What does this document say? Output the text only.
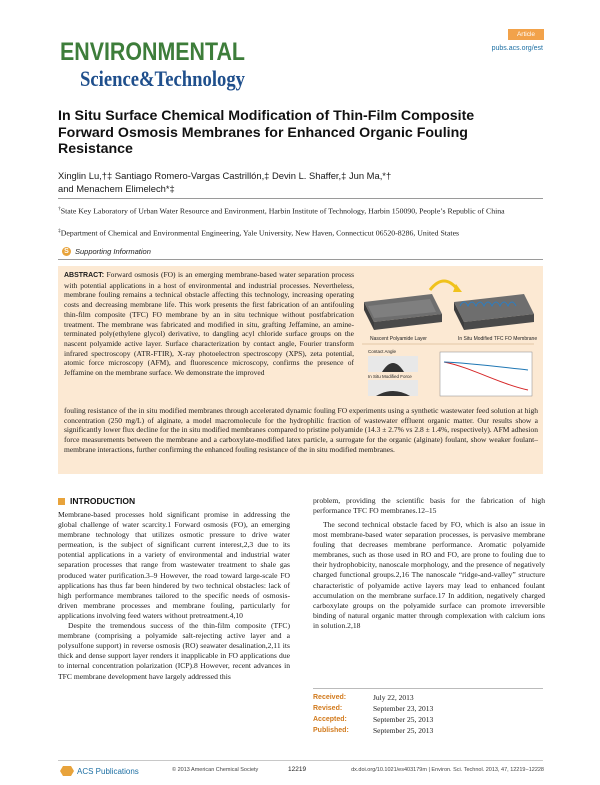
ENVIRONMENTAL
Science&Technology
Article
pubs.acs.org/est
In Situ Surface Chemical Modification of Thin-Film Composite Forward Osmosis Membranes for Enhanced Organic Fouling Resistance
Xinglin Lu,†‡ Santiago Romero-Vargas Castrillón,‡ Devin L. Shaffer,‡ Jun Ma,*†
and Menachem Elimelech*‡
†State Key Laboratory of Urban Water Resource and Environment, Harbin Institute of Technology, Harbin 150090, People’s Republic of China
‡Department of Chemical and Environmental Engineering, Yale University, New Haven, Connecticut 06520-8286, United States
S Supporting Information

ABSTRACT: Forward osmosis (FO) is an emerging membrane-based water separation process with potential applications in a host of environmental and industrial processes. Nevertheless, membrane fouling remains a technical obstacle affecting this technology, increasing operating costs and decreasing membrane life. This work presents the first fabrication of an antifouling thin-film composite (TFC) FO membrane by an in situ technique without postfabrication treatment. The membrane was fabricated and modified in situ, grafting Jeffamine, an amine-terminated poly(ethylene glycol) derivative, to dangling acyl chloride surface groups on the nascent polyamide active layer. Surface characterization by contact angle, Fourier transform infrared spectroscopy (ATR-FTIR), X-ray photoelectron spectroscopy (XPS), zeta potential, atomic force microscopy (AFM), and fluorescence microscopy, confirms the presence of Jeffamine on the membrane surface. We demonstrate the improved

fouling resistance of the in situ modified membranes through accelerated dynamic fouling FO experiments using a synthetic wastewater feed solution at high concentration (250 mg/L) of alginate, a model macromolecule for the hydrophilic fraction of wastewater effluent organic matter. Our results show a significantly lower flux decline for the in situ modified membranes compared to pristine polyamide (14.3 ± 2.7% vs 2.8 ± 1.4%, respectively). AFM adhesion force measurements between the membrane and a carboxylate-modified latex particle, a surrogate for the organic (alginate) foulant, show weaker foulant–membrane interactions, further confirming the enhanced fouling resistance of the in situ modified membranes.

Nascent Polyamide Layer	In Situ Modified TFC FO Membrane
Contact Angle
In Situ Modified Force
INTRODUCTION

Membrane-based processes hold significant promise in addressing the global challenge of water scarcity.1 Forward osmosis (FO), an emerging membrane technology that utilizes osmotic pressure to drive water permeation, is the subject of significant current interest,2,3 due to its potential applications in a variety of environmental and industrial water separation processes that range from wastewater treatment to shale gas produced water purification.3–9 However, the road toward large-scale FO applications has thus far been hindered by two technical obstacles: lack of high performance membranes tailored to the specific needs of osmosis-driven membrane processes and membrane fouling, particularly for applications involving feed waters without pretreatment.4,10

Despite the tremendous success of the thin-film composite (TFC) membrane (comprising a polyamide salt-rejecting active layer and a polysulfone support) in reverse osmosis (RO) seawater desalination,2,11 its thick and dense support layer renders it inapplicable in FO applications due to internal concentration polarization (ICP).8 However, recent advances in TFC membrane development have largely addressed this

problem, providing the scientific basis for the fabrication of high performance TFC FO membranes.12–15

The second technical obstacle faced by FO, which is also an issue in most membrane-based water separation processes, is pervasive membrane fouling that decreases membrane performance. Aromatic polyamide membranes, such as those used in RO and FO, are prone to fouling due to their hydrophobicity, nanoscale morphology, and the presence of negatively charged functional groups.2,16 The nanoscale “ridge-and-valley” structure characteristic of polyamide active layers may lead to enhanced foulant accumulation on the membrane surface.17 In addition, negatively charged carboxylate groups on the polyamide surface can promote irreversible binding of natural organic matter through complexation with calcium ions in solution.2,18

Received:	July 22, 2013
Revised:	September 23, 2013
Accepted:	September 25, 2013
Published:	September 25, 2013
ACS Publications	© 2013 American Chemical Society	12219	dx.doi.org/10.1021/es403179m | Environ. Sci. Technol. 2013, 47, 12219−12228
